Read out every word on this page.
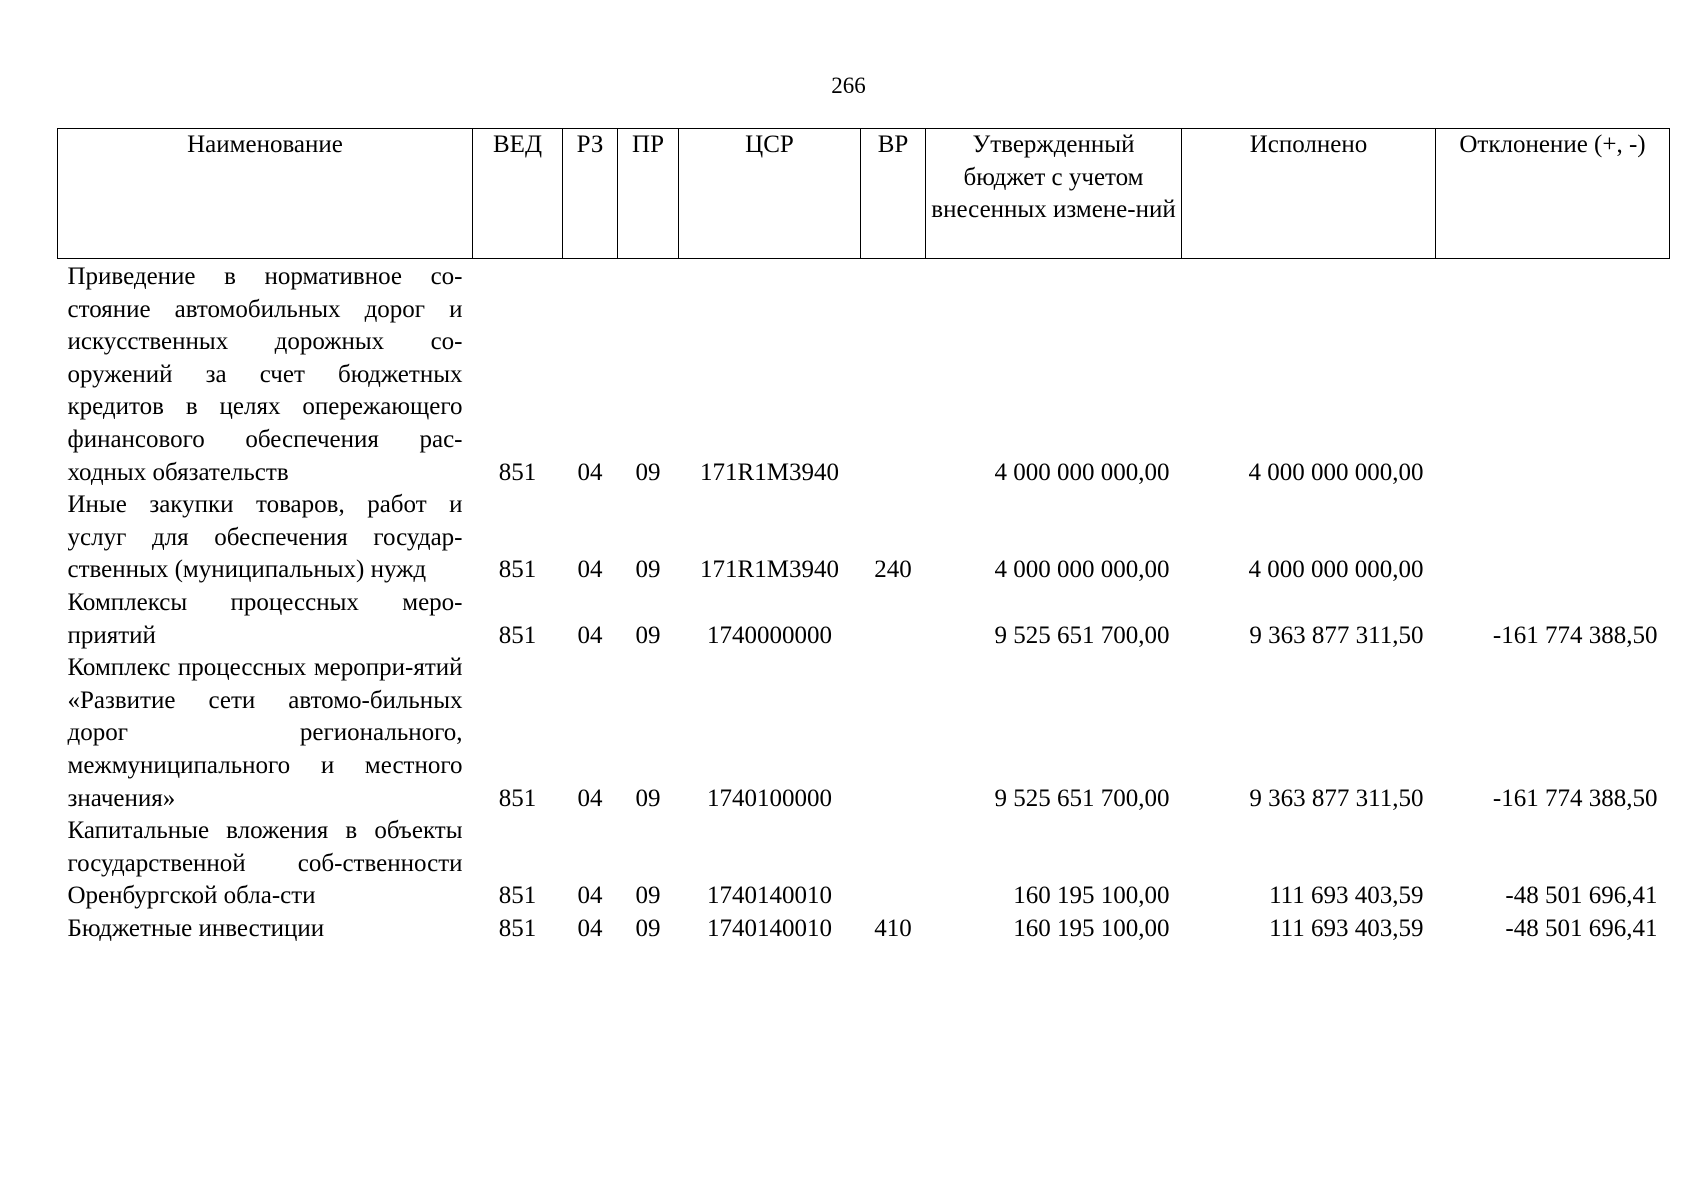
266
Наименование	ВЕД	РЗ	ПР	ЦСР	ВР	Утвержденный бюджет с учетом внесенных измене-ний	Исполнено	Отклонение (+, -)
Приведение в нормативное со-стояние автомобильных дорог и искусственных дорожных со-оружений за счет бюджетных кредитов в целях опережающего финансового обеспечения рас-ходных обязательств	851	04	09	171R1M3940		4 000 000 000,00	4 000 000 000,00	
Иные закупки товаров, работ и услуг для обеспечения государ-ственных (муниципальных) нужд	851	04	09	171R1M3940	240	4 000 000 000,00	4 000 000 000,00	
Комплексы процессных меро-приятий	851	04	09	1740000000		9 525 651 700,00	9 363 877 311,50	-161 774 388,50
Комплекс процессных меропри-ятий «Развитие сети автомо-бильных дорог регионального, межмуниципального и местного значения»	851	04	09	1740100000		9 525 651 700,00	9 363 877 311,50	-161 774 388,50
Капитальные вложения в объекты государственной соб-ственности Оренбургской обла-сти	851	04	09	1740140010		160 195 100,00	111 693 403,59	-48 501 696,41
Бюджетные инвестиции	851	04	09	1740140010	410	160 195 100,00	111 693 403,59	-48 501 696,41
